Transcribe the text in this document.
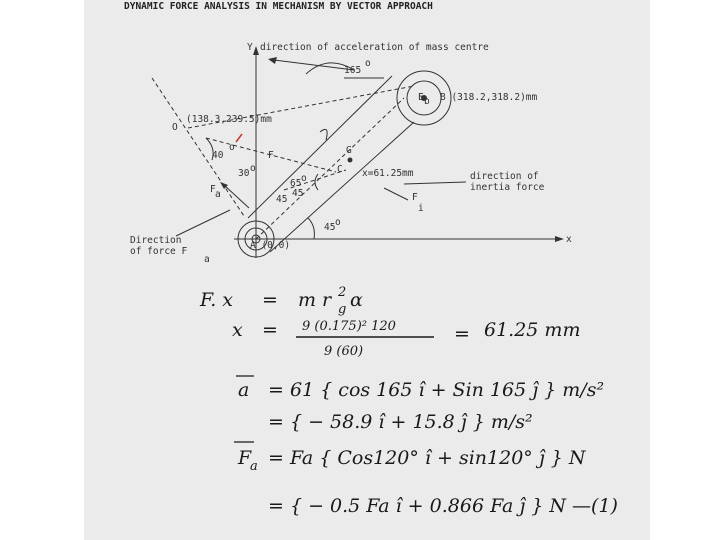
DYNAMIC FORCE ANALYSIS IN MECHANISM BY VECTOR APPROACH
Y
x
direction of acceleration of mass centre
165
o
O
(138.3,239.5)mm
E b B (318.2,318.2)mm
40
o
F
30 o
65 o
G
C x=61.25mm	direction of
inertia force
F a	F
i
45
45
45 o
A (0,0)
Direction
of force F
a
F. x = m r g
2 α
x = 9 (0.175)² 120
9 (60)
= 61.25 mm
a = 61 { cos 165 î + Sin 165 ĵ } m/s²
= { − 58.9 î + 15.8 ĵ } m/s²
F
a = Fa { Cos120° î + sin120° ĵ } N
= { − 0.5 Fa î + 0.866 Fa ĵ } N —(1)
